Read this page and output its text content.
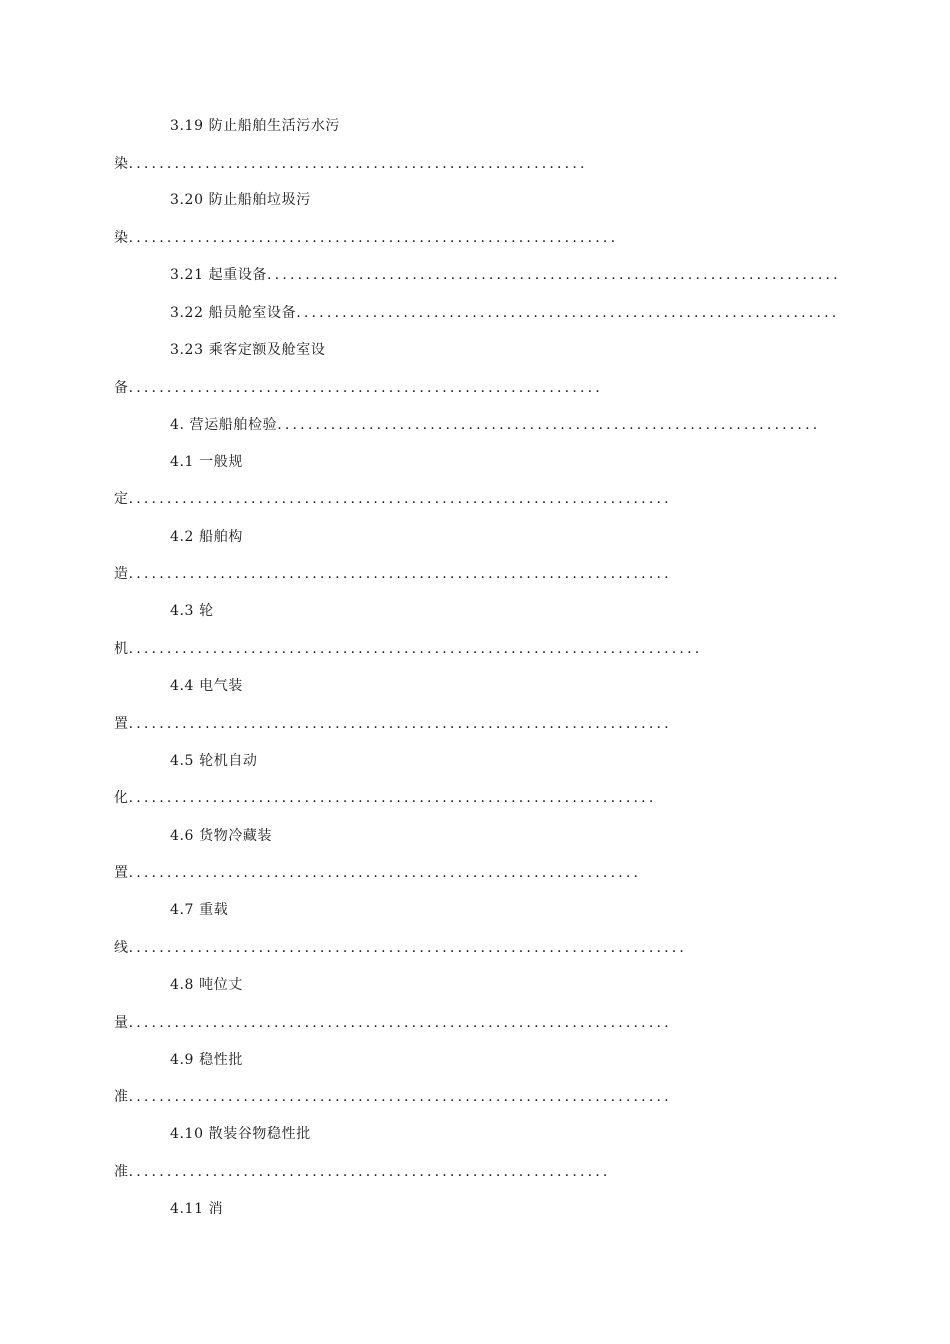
3.19 防止船舶生活污水污
染............................................................
3.20 防止船舶垃圾污
染................................................................
3.21 起重设备...........................................................................
3.22 船员舱室设备.......................................................................
3.23 乘客定额及舱室设
备..............................................................
4. 营运船舶检验.......................................................................
4.1 一般规
定.......................................................................
4.2 船舶构
造.......................................................................
4.3 轮
机...........................................................................
4.4 电气装
置.......................................................................
4.5 轮机自动
化.....................................................................
4.6 货物冷藏装
置...................................................................
4.7 重载
线.........................................................................
4.8 吨位丈
量.......................................................................
4.9 稳性批
准.......................................................................
4.10 散装谷物稳性批
准...............................................................
4.11 消
